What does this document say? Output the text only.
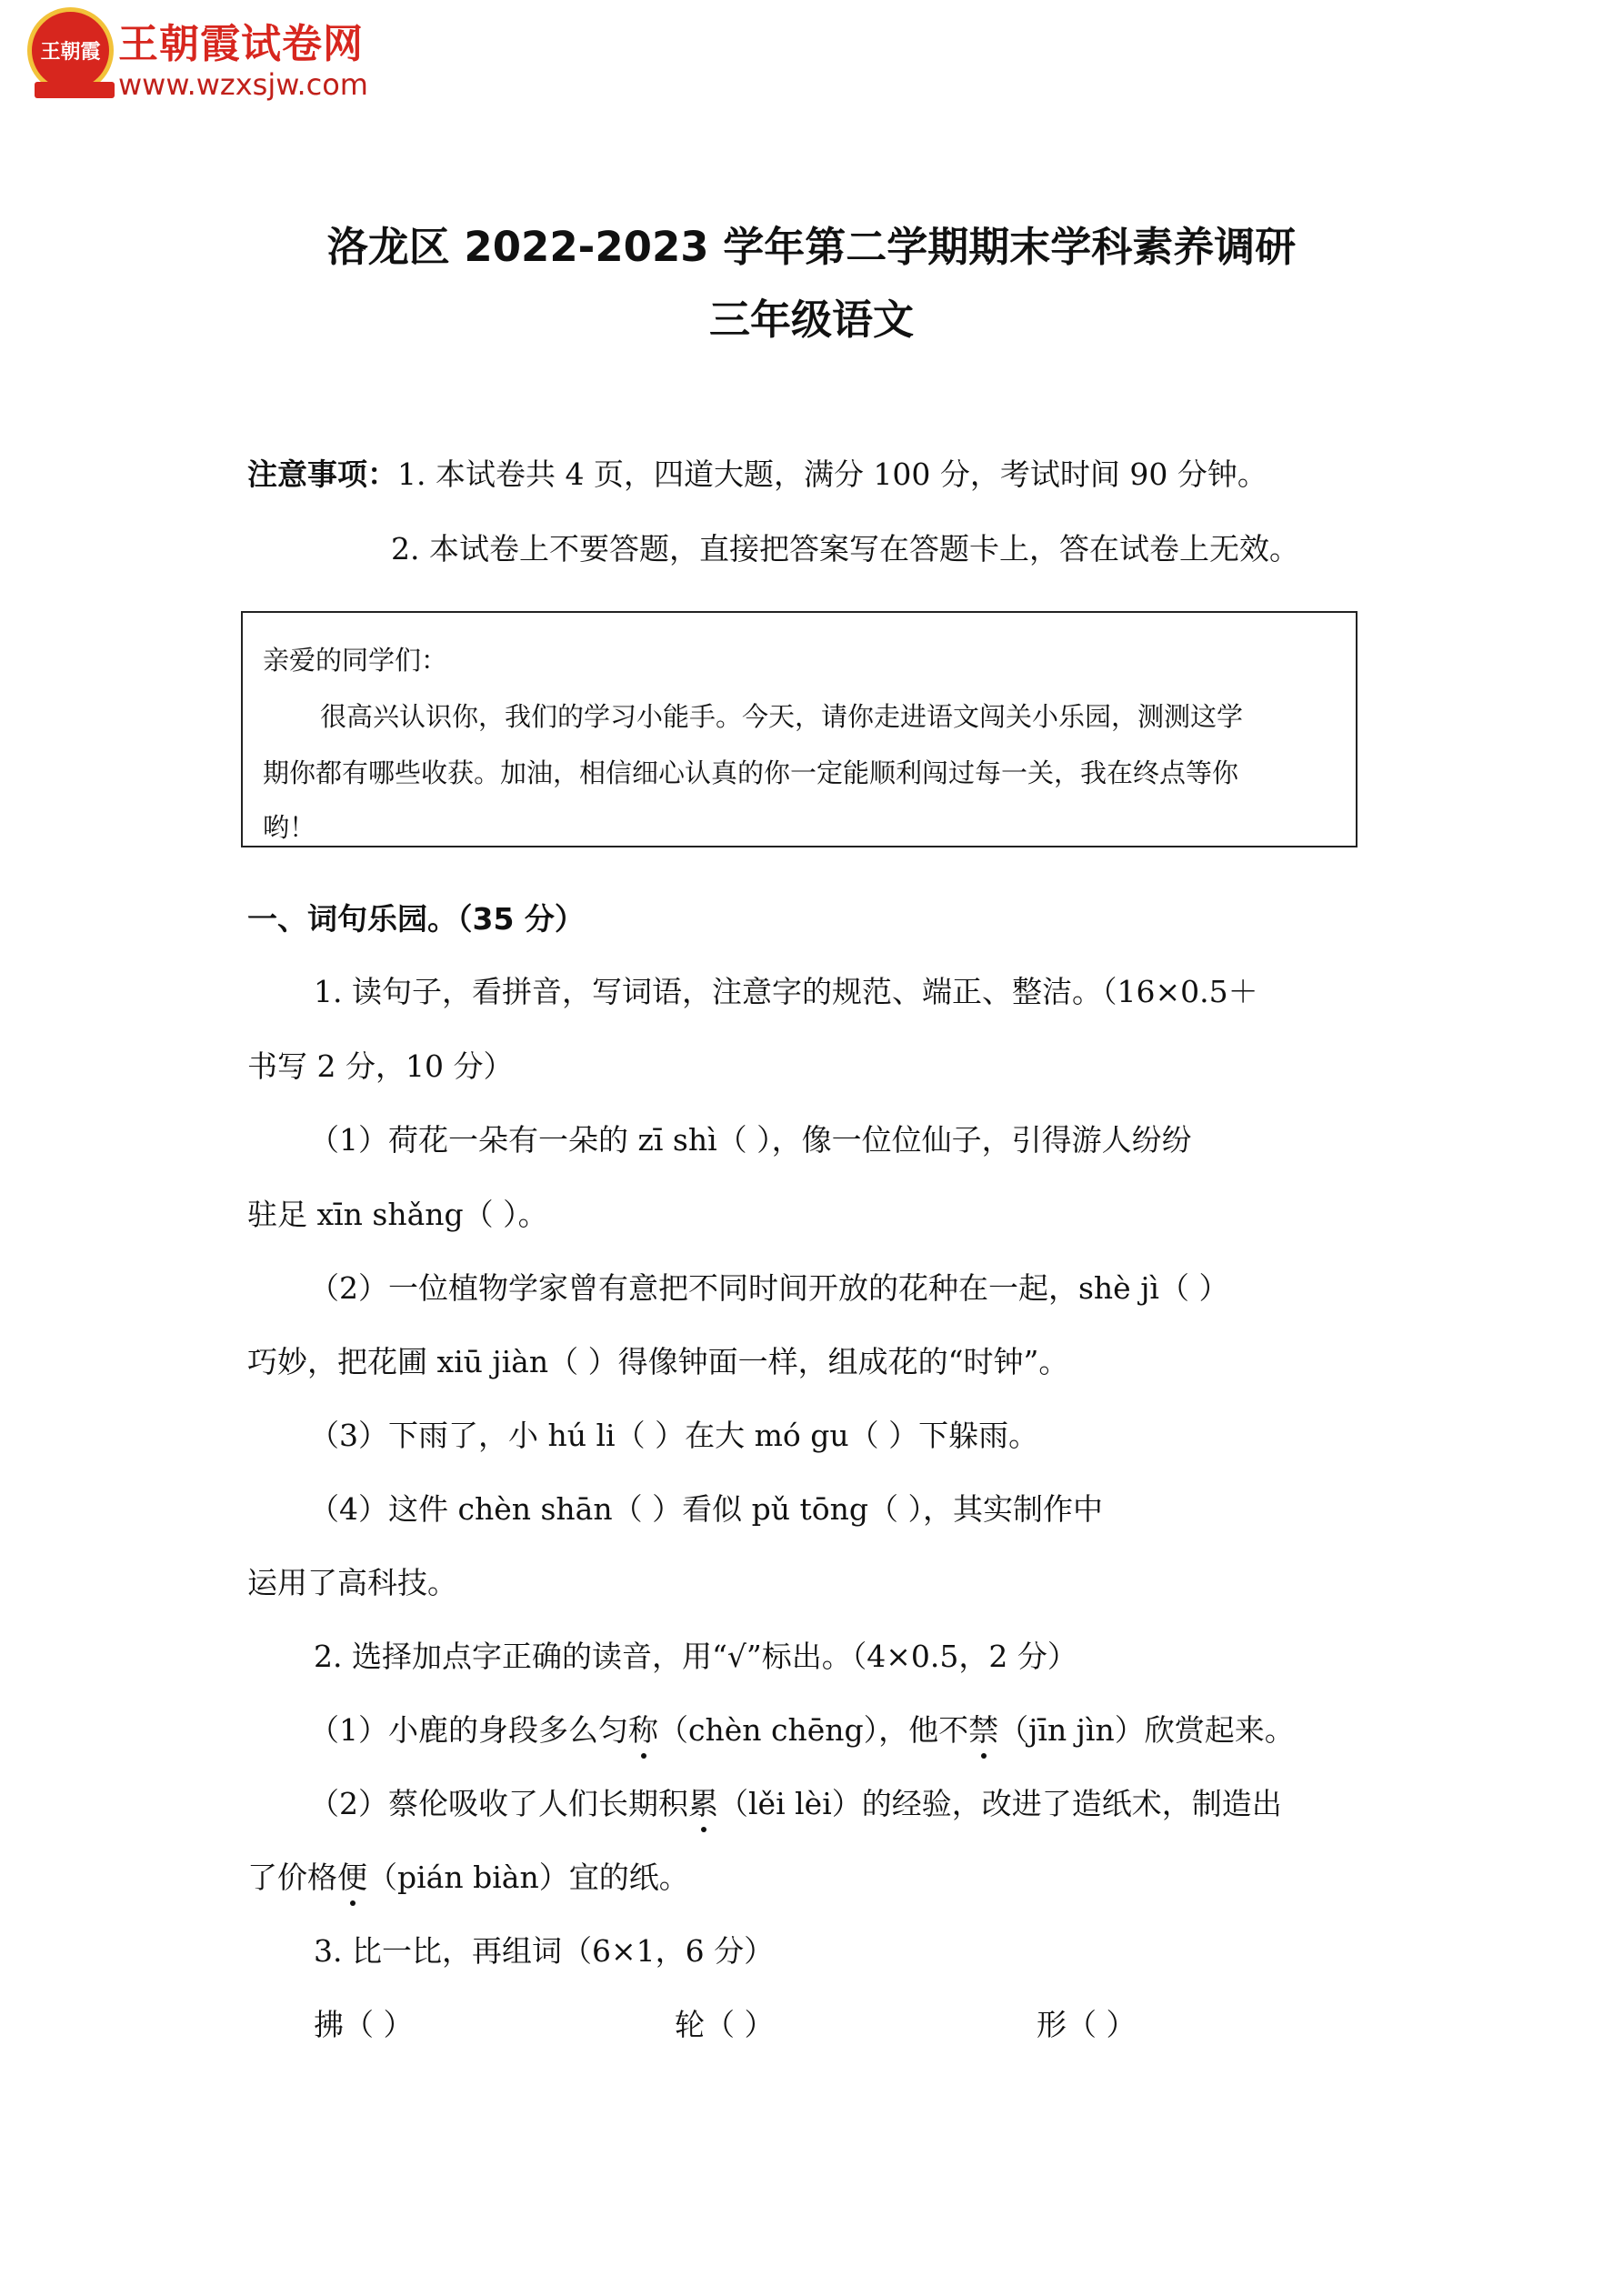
王朝霞 王朝霞试卷网
www.wzxsjw.com
洛龙区 2022-2023 学年第二学期期末学科素养调研
三年级语文
注意事项：1. 本试卷共 4 页，四道大题，满分 100 分，考试时间 90 分钟。
2. 本试卷上不要答题，直接把答案写在答题卡上，答在试卷上无效。
亲爱的同学们：
很高兴认识你，我们的学习小能手。今天，请你走进语文闯关小乐园，测测这学
期你都有哪些收获。加油，相信细心认真的你一定能顺利闯过每一关，我在终点等你
哟！
一、词句乐园。（35 分）
1. 读句子，看拼音，写词语，注意字的规范、端正、整洁。（16×0.5＋
书写 2 分，10 分）
（1）荷花一朵有一朵的 zī shì（ ），像一位位仙子，引得游人纷纷
驻足 xīn shǎng（ ）。
（2）一位植物学家曾有意把不同时间开放的花种在一起，shè jì（ ）
巧妙，把花圃 xiū jiàn（ ）得像钟面一样，组成花的“时钟”。
（3）下雨了，小 hú li（ ）在大 mó gu（ ）下躲雨。
（4）这件 chèn shān（ ）看似 pǔ tōng（ ），其实制作中
运用了高科技。
2. 选择加点字正确的读音，用“√”标出。（4×0.5，2 分）
（1）小鹿的身段多么匀称（chèn chēng），他不禁（jīn jìn）欣赏起来。
（2）蔡伦吸收了人们长期积累（lěi lèi）的经验，改进了造纸术，制造出
了价格便（pián biàn）宜的纸。
3. 比一比，再组词（6×1，6 分）
拂（ ）	轮（ ）	形（ ）
